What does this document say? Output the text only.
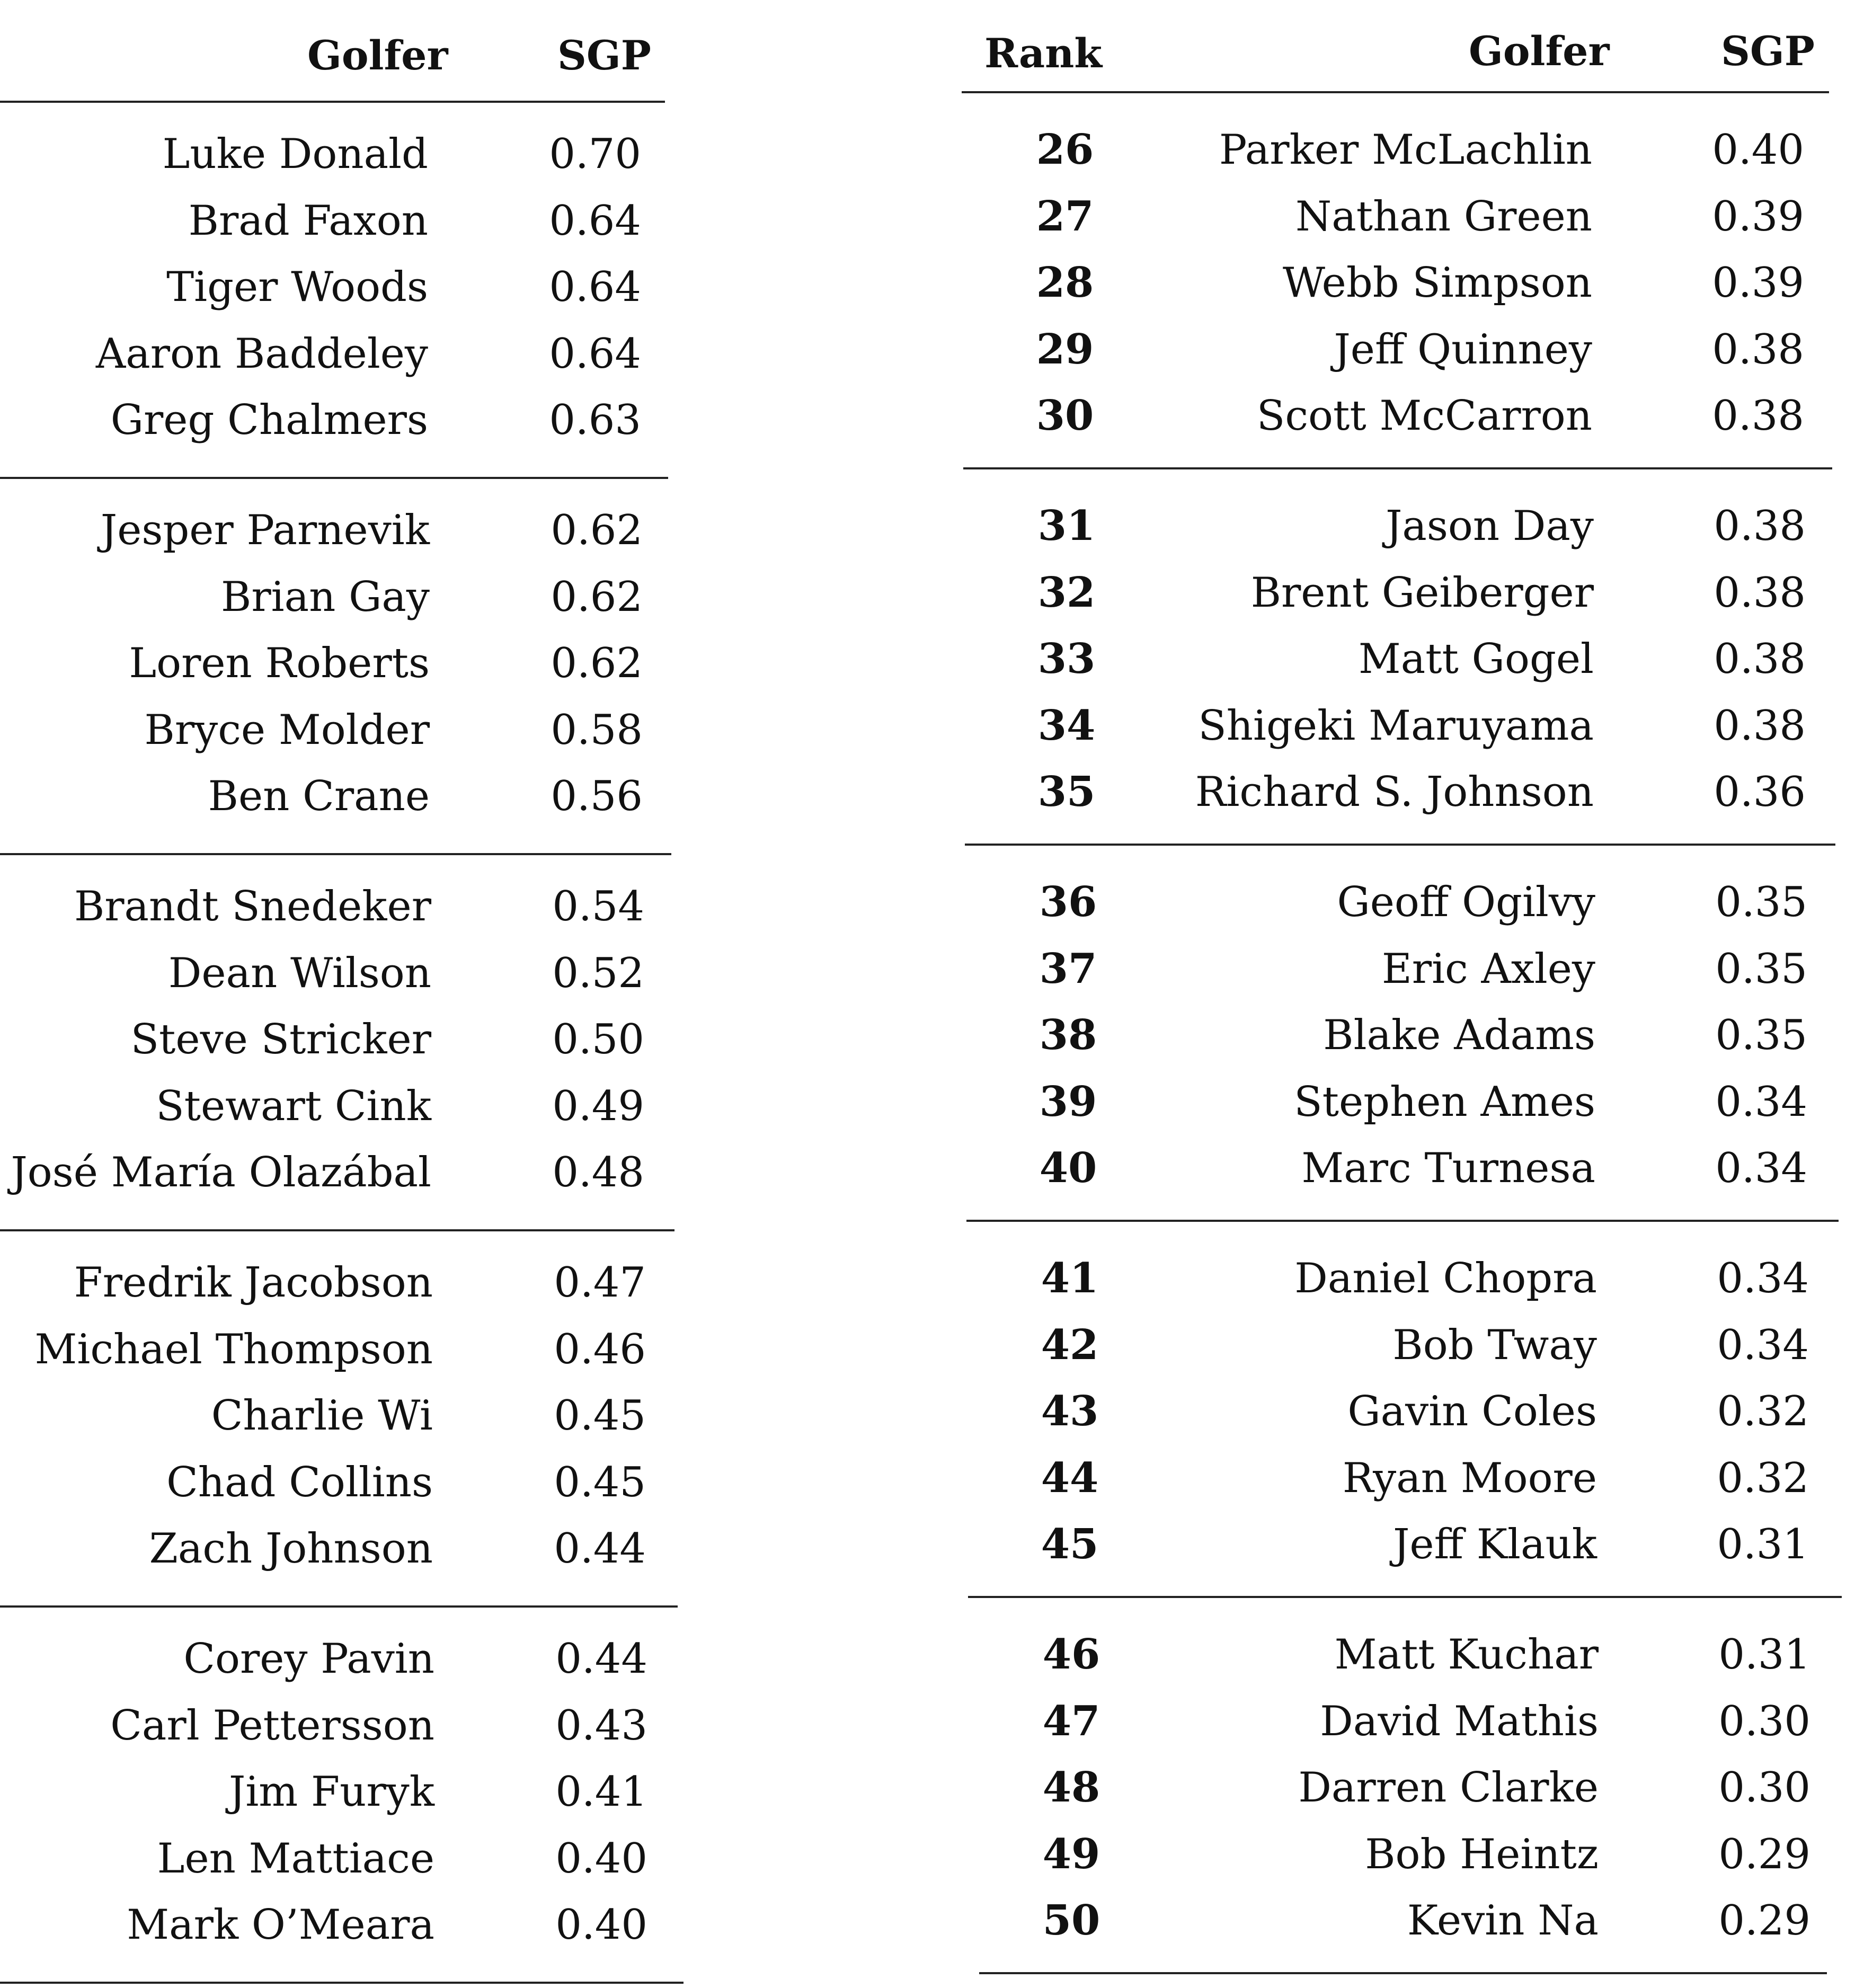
Golfer	SGP
Luke Donald	0.70
Brad Faxon	0.64
Tiger Woods	0.64
Aaron Baddeley	0.64
Greg Chalmers	0.63
Jesper Parnevik	0.62
Brian Gay	0.62
Loren Roberts	0.62
Bryce Molder	0.58
Ben Crane	0.56
Brandt Snedeker	0.54
Dean Wilson	0.52
Steve Stricker	0.50
Stewart Cink	0.49
José María Olazábal	0.48
Fredrik Jacobson	0.47
Michael Thompson	0.46
Charlie Wi	0.45
Chad Collins	0.45
Zach Johnson	0.44
Corey Pavin	0.44
Carl Pettersson	0.43
Jim Furyk	0.41
Len Mattiace	0.40
Mark O’Meara	0.40
Rank	Golfer	SGP
26	Parker McLachlin	0.40
27	Nathan Green	0.39
28	Webb Simpson	0.39
29	Jeff Quinney	0.38
30	Scott McCarron	0.38
31	Jason Day	0.38
32	Brent Geiberger	0.38
33	Matt Gogel	0.38
34	Shigeki Maruyama	0.38
35	Richard S. Johnson	0.36
36	Geoff Ogilvy	0.35
37	Eric Axley	0.35
38	Blake Adams	0.35
39	Stephen Ames	0.34
40	Marc Turnesa	0.34
41	Daniel Chopra	0.34
42	Bob Tway	0.34
43	Gavin Coles	0.32
44	Ryan Moore	0.32
45	Jeff Klauk	0.31
46	Matt Kuchar	0.31
47	David Mathis	0.30
48	Darren Clarke	0.30
49	Bob Heintz	0.29
50	Kevin Na	0.29
